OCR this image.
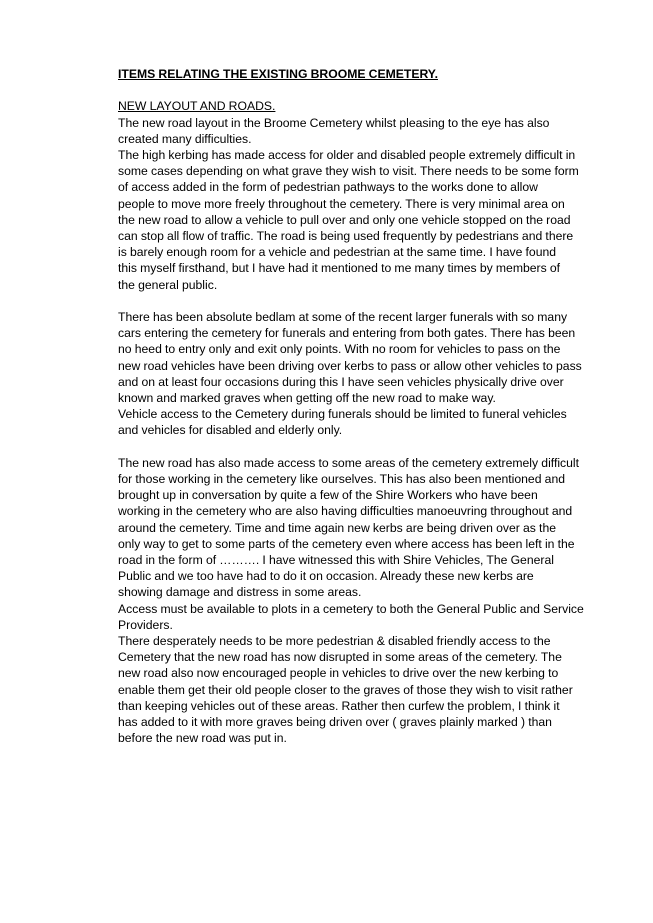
ITEMS RELATING THE EXISTING BROOME CEMETERY.

NEW LAYOUT AND ROADS.

The new road layout in the Broome Cemetery whilst pleasing to the eye has also
created many difficulties.

The high kerbing has made access for older and disabled people extremely difficult in
some cases depending on what grave they wish to visit. There needs to be some form
of access added in the form of pedestrian pathways to the works done to allow
people to move more freely throughout the cemetery. There is very minimal area on
the new road to allow a vehicle to pull over and only one vehicle stopped on the road
can stop all flow of traffic. The road is being used frequently by pedestrians and there
is barely enough room for a vehicle and pedestrian at the same time. I have found
this myself firsthand, but I have had it mentioned to me many times by members of
the general public.

There has been absolute bedlam at some of the recent larger funerals with so many
cars entering the cemetery for funerals and entering from both gates. There has been
no heed to entry only and exit only points. With no room for vehicles to pass on the
new road vehicles have been driving over kerbs to pass or allow other vehicles to pass
and on at least four occasions during this I have seen vehicles physically drive over
known and marked graves when getting off the new road to make way.

Vehicle access to the Cemetery during funerals should be limited to funeral vehicles
and vehicles for disabled and elderly only.

The new road has also made access to some areas of the cemetery extremely difficult
for those working in the cemetery like ourselves. This has also been mentioned and
brought up in conversation by quite a few of the Shire Workers who have been
working in the cemetery who are also having difficulties manoeuvring throughout and
around the cemetery. Time and time again new kerbs are being driven over as the
only way to get to some parts of the cemetery even where access has been left in the
road in the form of ………. I have witnessed this with Shire Vehicles, The General
Public and we too have had to do it on occasion. Already these new kerbs are
showing damage and distress in some areas.

Access must be available to plots in a cemetery to both the General Public and Service
Providers.

There desperately needs to be more pedestrian & disabled friendly access to the
Cemetery that the new road has now disrupted in some areas of the cemetery. The
new road also now encouraged people in vehicles to drive over the new kerbing to
enable them get their old people closer to the graves of those they wish to visit rather
than keeping vehicles out of these areas. Rather then curfew the problem, I think it
has added to it with more graves being driven over ( graves plainly marked ) than
before the new road was put in.
